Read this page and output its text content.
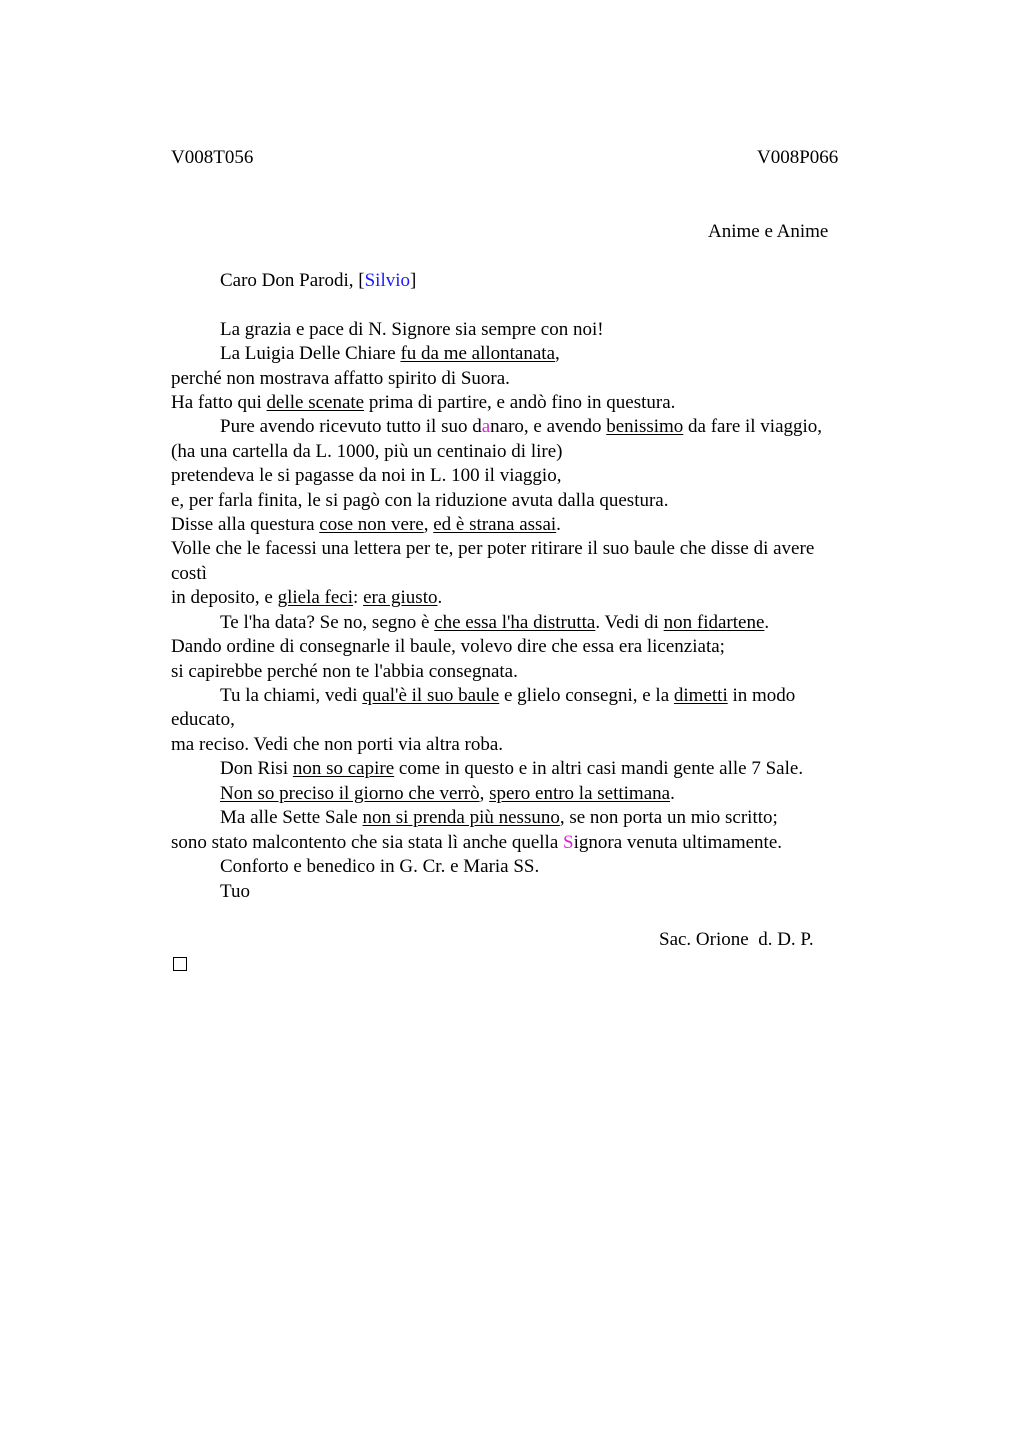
V008T056	V008P066
Anime e Anime
Caro Don Parodi, [Silvio]
La grazia e pace di N. Signore sia sempre con noi!
La Luigia Delle Chiare fu da me allontanata,
perché non mostrava affatto spirito di Suora.
Ha fatto qui delle scenate prima di partire, e andò fino in questura.
Pure avendo ricevuto tutto il suo danaro, e avendo benissimo da fare il viaggio,
(ha una cartella da L. 1000, più un centinaio di lire)
pretendeva le si pagasse da noi in L. 100 il viaggio,
e, per farla finita, le si pagò con la riduzione avuta dalla questura.
Disse alla questura cose non vere, ed è strana assai.
Volle che le facessi una lettera per te, per poter ritirare il suo baule che disse di avere
costì
in deposito, e gliela feci: era giusto.
Te l'ha data? Se no, segno è che essa l'ha distrutta. Vedi di non fidartene.
Dando ordine di consegnarle il baule, volevo dire che essa era licenziata;
si capirebbe perché non te l'abbia consegnata.
Tu la chiami, vedi qual'è il suo baule e glielo consegni, e la dimetti in modo
educato,
ma reciso. Vedi che non porti via altra roba.
Don Risi non so capire come in questo e in altri casi mandi gente alle 7 Sale.
Non so preciso il giorno che verrò, spero entro la settimana.
Ma alle Sette Sale non si prenda più nessuno, se non porta un mio scritto;
sono stato malcontento che sia stata lì anche quella Signora venuta ultimamente.
Conforto e benedico in G. Cr. e Maria SS.
Tuo
Sac. Orione  d. D. P.
